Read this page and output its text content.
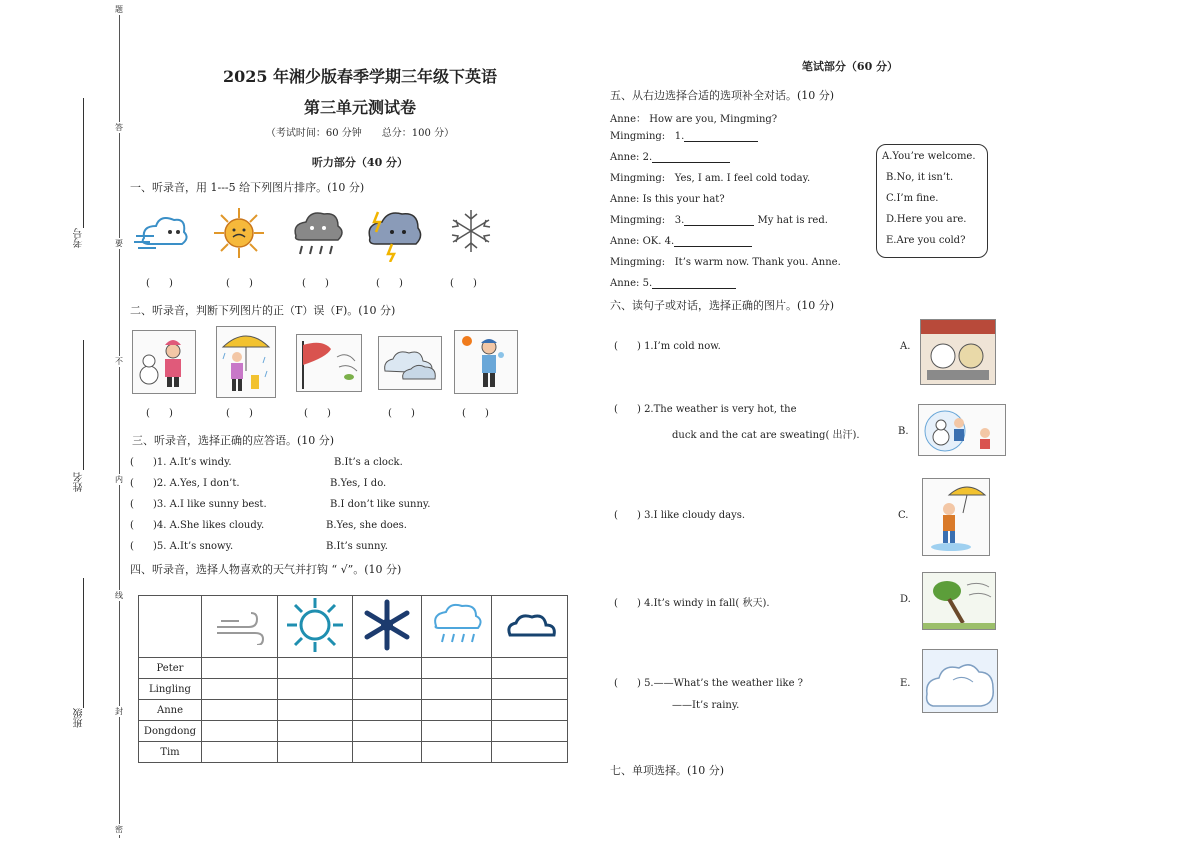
题
答
要
不
内
线
封
密
考号
姓名
班级
2025 年湘少版春季学期三年级下英语
第三单元测试卷
（考试时间：60 分钟　　总分：100 分）
听力部分（40 分）
一、听录音，用 1---5 给下列图片排序。(10 分)
( )	( )	( )	( )	( )
二、听录音，判断下列图片的正（T）误（F)。(10 分)
( )	( )	( )	( )	( )
三、听录音，选择正确的应答语。(10 分)
( )1. A.It’s windy.	B.It’s a clock.
( )2. A.Yes, I don’t.	B.Yes, I do.
( )3. A.I like sunny best.	B.I don’t like sunny.
( )4. A.She likes cloudy.	B.Yes, she does.
( )5. A.It’s snowy.	B.It’s sunny.
四、听录音，选择人物喜欢的天气并打钩 “ √”。(10 分)

Peter					
Lingling					
Anne					
Dongdong					
Tim					
笔试部分（60 分）
五、从右边选择合适的选项补全对话。(10 分)
Anne： How are you, Mingming?
Mingming: 1.
Anne: 2.
Mingming: Yes, I am. I feel cold today.
Anne: Is this your hat?
Mingming: 3.	My hat is red.
Anne: OK. 4.
Mingming: It’s warm now. Thank you. Anne.
Anne: 5.
A.You’re welcome.
B.No, it isn’t.
C.I’m fine.
D.Here you are.
E.Are you cold?
六、读句子或对话，选择正确的图片。(10 分)
( ) 1.I’m cold now.
( ) 2.The weather is very hot, the
duck and the cat are sweating( 出汗).
( ) 3.I like cloudy days.
( ) 4.It’s windy in fall( 秋天).
( ) 5.——What’s the weather like ?
——It’s rainy.
A.
B.
C.
D.
E.
七、单项选择。(10 分)
